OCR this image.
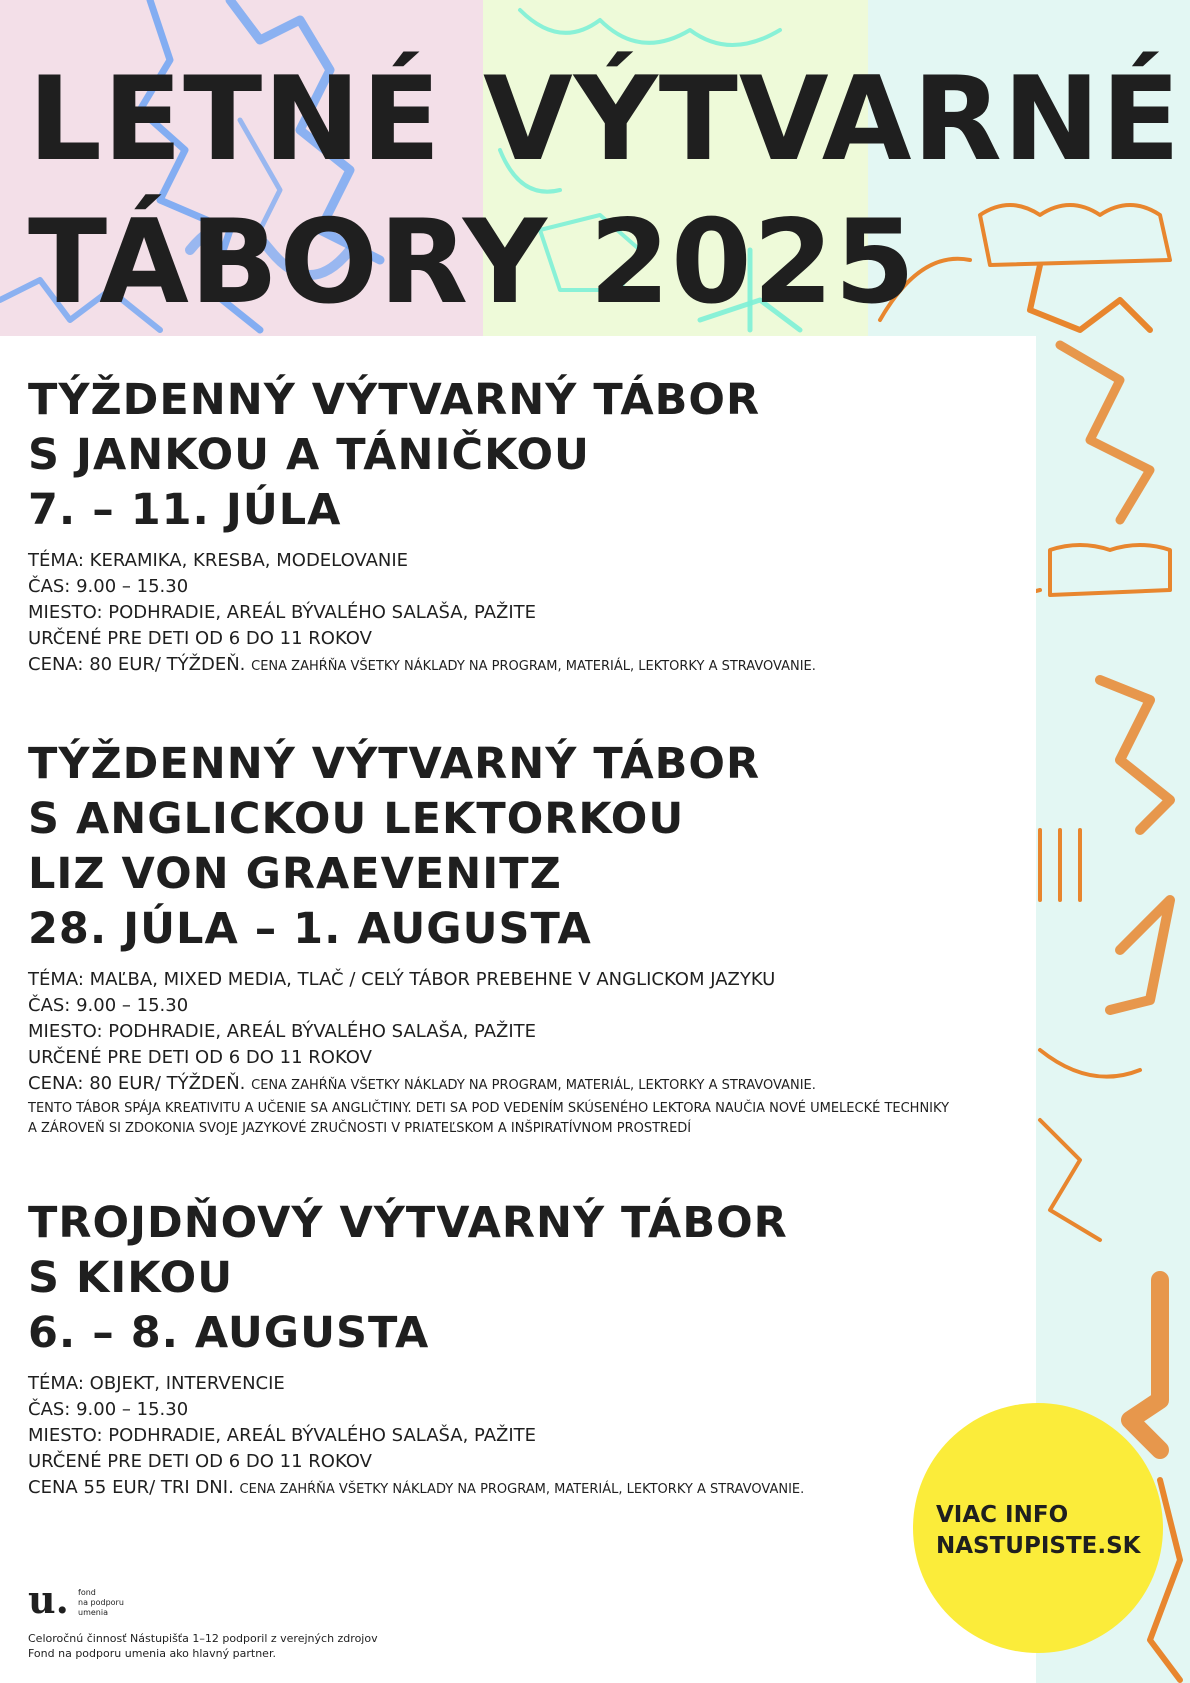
LETNÉ VÝTVARNÉ
TÁBORY 2025

TÝŽDENNÝ VÝTVARNÝ TÁBOR

S JANKOU A TÁNIČKOU

7. – 11. JÚLA

TÉMA: KERAMIKA, KRESBA, MODELOVANIE

ČAS: 9.00 – 15.30

MIESTO: PODHRADIE, AREÁL BÝVALÉHO SALAŠA, PAŽITE

URČENÉ PRE DETI OD 6 DO 11 ROKOV

CENA: 80 EUR/ TÝŽDEŇ. CENA ZAHŔŇA VŠETKY NÁKLADY NA PROGRAM, MATERIÁL, LEKTORKY A STRAVOVANIE.

TÝŽDENNÝ VÝTVARNÝ TÁBOR

S ANGLICKOU LEKTORKOU

LIZ VON GRAEVENITZ

28. JÚLA – 1. AUGUSTA

TÉMA: MAĽBA, MIXED MEDIA, TLAČ / CELÝ TÁBOR PREBEHNE V ANGLICKOM JAZYKU

ČAS: 9.00 – 15.30

MIESTO: PODHRADIE, AREÁL BÝVALÉHO SALAŠA, PAŽITE

URČENÉ PRE DETI OD 6 DO 11 ROKOV

CENA: 80 EUR/ TÝŽDEŇ. CENA ZAHŔŇA VŠETKY NÁKLADY NA PROGRAM, MATERIÁL, LEKTORKY A STRAVOVANIE.

TENTO TÁBOR SPÁJA KREATIVITU A UČENIE SA ANGLIČTINY. DETI SA POD VEDENÍM SKÚSENÉHO LEKTORA NAUČIA NOVÉ UMELECKÉ TECHNIKY

A ZÁROVEŇ SI ZDOKONIA SVOJE JAZYKOVÉ ZRUČNOSTI V PRIATEĽSKOM A INŠPIRATÍVNOM PROSTREDÍ

TROJDŇOVÝ VÝTVARNÝ TÁBOR

S KIKOU

6. – 8. AUGUSTA

TÉMA: OBJEKT, INTERVENCIE

ČAS: 9.00 – 15.30

MIESTO: PODHRADIE, AREÁL BÝVALÉHO SALAŠA, PAŽITE

URČENÉ PRE DETI OD 6 DO 11 ROKOV

CENA 55 EUR/ TRI DNI. CENA ZAHŔŇA VŠETKY NÁKLADY NA PROGRAM, MATERIÁL, LEKTORKY A STRAVOVANIE.

VIAC INFO
NASTUPISTE.SK

u. fond
na podporu
umenia

Celoročnú činnosť Nástupišťa 1–12 podporil z verejných zdrojov
Fond na podporu umenia ako hlavný partner.
